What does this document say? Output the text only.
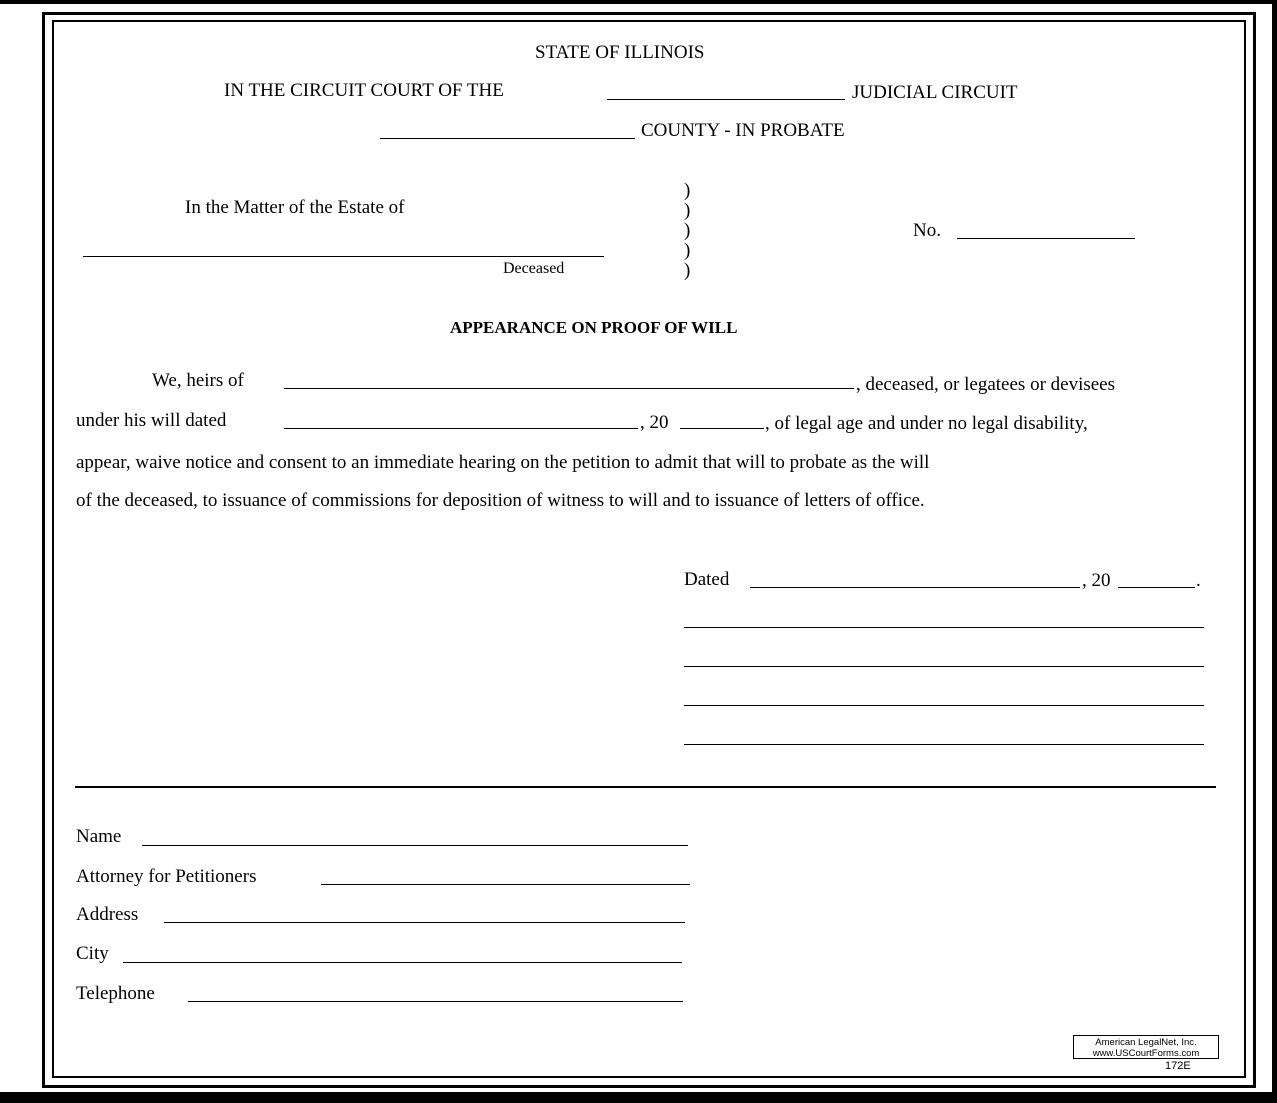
STATE OF ILLINOIS
IN THE CIRCUIT COURT OF THE	JUDICIAL CIRCUIT
COUNTY - IN PROBATE
In the Matter of the Estate of
Deceased
)
)
)
)
)
No.
APPEARANCE ON PROOF OF WILL
We, heirs of	, deceased, or legatees or devisees
under his will dated	, 20	, of legal age and under no legal disability,
appear, waive notice and consent to an immediate hearing on the petition to admit that will to probate as the will
of the deceased, to issuance of commissions for deposition of witness to will and to issuance of letters of office.
Dated	, 20	.
Name
Attorney for Petitioners
Address
City
Telephone
American LegalNet, Inc.
www.USCourtForms.com
172E
